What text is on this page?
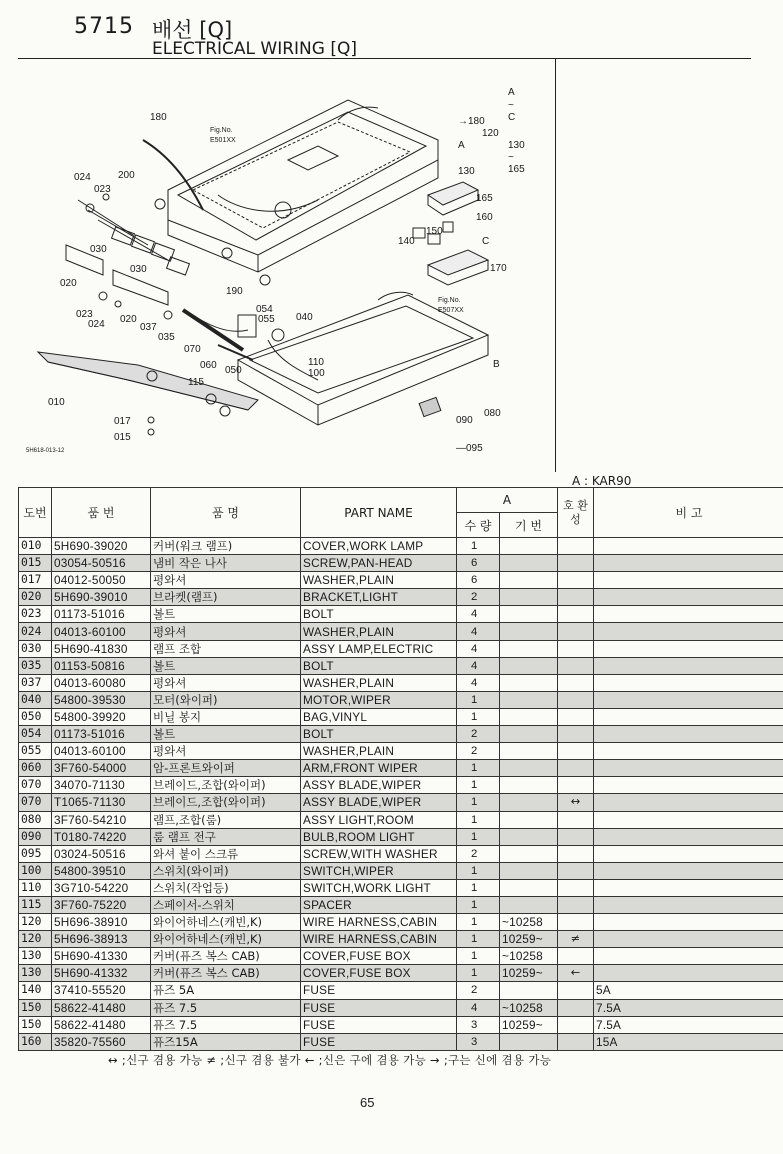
5715 배선 [Q]
ELECTRICAL WIRING [Q]
180
Fig.No.
E501XX
→180
120
A
130
165
160
150
140	C
170
A
~
C
130
~
165
024	200
023
030
030
020
190
023
024 020
037
035
054
055 040
Fig.No.
E507XX
070
060 050
110
100
115
B
010
017
015
090
080
—095
5H618-013-12
A : KAR90
도번	품 번	품 명	PART NAME	A		호 환 성	비 고
				수 량	기 번		
010	5H690-39020	커버(워크 램프)	COVER,WORK LAMP	1			
015	03054-50516	냄비 작은 나사	SCREW,PAN-HEAD	6			
017	04012-50050	평와셔	WASHER,PLAIN	6			
020	5H690-39010	브라켓(램프)	BRACKET,LIGHT	2			
023	01173-51016	볼트	BOLT	4			
024	04013-60100	평와셔	WASHER,PLAIN	4			
030	5H690-41830	램프 조합	ASSY LAMP,ELECTRIC	4			
035	01153-50816	볼트	BOLT	4			
037	04013-60080	평와셔	WASHER,PLAIN	4			
040	54800-39530	모터(와이퍼)	MOTOR,WIPER	1			
050	54800-39920	비닐 봉지	BAG,VINYL	1			
054	01173-51016	볼트	BOLT	2			
055	04013-60100	평와셔	WASHER,PLAIN	2			
060	3F760-54000	암-프론트와이퍼	ARM,FRONT WIPER	1			
070	34070-71130	브레이드,조합(와이퍼)	ASSY BLADE,WIPER	1			
070	T1065-71130	브레이드,조합(와이퍼)	ASSY BLADE,WIPER	1		↔	
080	3F760-54210	램프,조합(룸)	ASSY LIGHT,ROOM	1			
090	T0180-74220	룸 램프 전구	BULB,ROOM LIGHT	1			
095	03024-50516	와셔 붙이 스크류	SCREW,WITH WASHER	2			
100	54800-39510	스위치(와이퍼)	SWITCH,WIPER	1			
110	3G710-54220	스위치(작업등)	SWITCH,WORK LIGHT	1			
115	3F760-75220	스페이서-스위치	SPACER	1			
120	5H696-38910	와이어하네스(캐빈,K)	WIRE HARNESS,CABIN	1	~10258		
120	5H696-38913	와이어하네스(캐빈,K)	WIRE HARNESS,CABIN	1	10259~	≠	
130	5H690-41330	커버(퓨즈 복스 CAB)	COVER,FUSE BOX	1	~10258		
130	5H690-41332	커버(퓨즈 복스 CAB)	COVER,FUSE BOX	1	10259~	←	
140	37410-55520	퓨즈 5A	FUSE	2			5A
150	58622-41480	퓨즈 7.5	FUSE	4	~10258		7.5A
150	58622-41480	퓨즈 7.5	FUSE	3	10259~		7.5A
160	35820-75560	퓨즈15A	FUSE	3			15A
↔ ;신구 겸용 가능 ≠ ;신구 겸용 불가 ← ;신은 구에 겸용 가능 → ;구는 신에 겸용 가능
65
